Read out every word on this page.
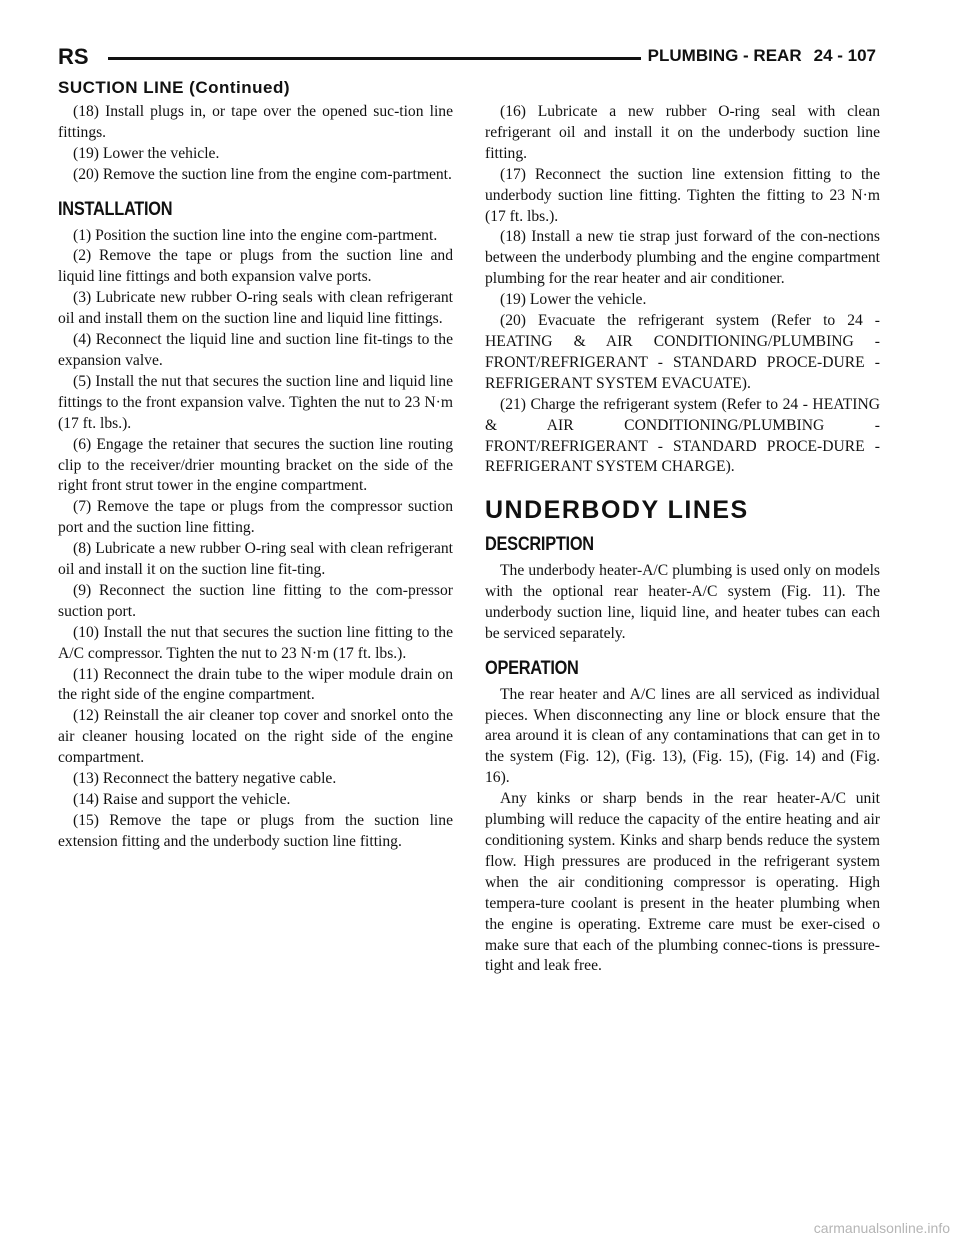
RS	PLUMBING - REAR 24 - 107
SUCTION LINE (Continued)

(18) Install plugs in, or tape over the opened suc-tion line fittings.

(19) Lower the vehicle.

(20) Remove the suction line from the engine com-partment.

INSTALLATION

(1) Position the suction line into the engine com-partment.

(2) Remove the tape or plugs from the suction line and liquid line fittings and both expansion valve ports.

(3) Lubricate new rubber O-ring seals with clean refrigerant oil and install them on the suction line and liquid line fittings.

(4) Reconnect the liquid line and suction line fit-tings to the expansion valve.

(5) Install the nut that secures the suction line and liquid line fittings to the front expansion valve. Tighten the nut to 23 N·m (17 ft. lbs.).

(6) Engage the retainer that secures the suction line routing clip to the receiver/drier mounting bracket on the side of the right front strut tower in the engine compartment.

(7) Remove the tape or plugs from the compressor suction port and the suction line fitting.

(8) Lubricate a new rubber O-ring seal with clean refrigerant oil and install it on the suction line fit-ting.

(9) Reconnect the suction line fitting to the com-pressor suction port.

(10) Install the nut that secures the suction line fitting to the A/C compressor. Tighten the nut to 23 N·m (17 ft. lbs.).

(11) Reconnect the drain tube to the wiper module drain on the right side of the engine compartment.

(12) Reinstall the air cleaner top cover and snorkel onto the air cleaner housing located on the right side of the engine compartment.

(13) Reconnect the battery negative cable.

(14) Raise and support the vehicle.

(15) Remove the tape or plugs from the suction line extension fitting and the underbody suction line fitting.

(16) Lubricate a new rubber O-ring seal with clean refrigerant oil and install it on the underbody suction line fitting.

(17) Reconnect the suction line extension fitting to the underbody suction line fitting. Tighten the fitting to 23 N·m (17 ft. lbs.).

(18) Install a new tie strap just forward of the con-nections between the underbody plumbing and the engine compartment plumbing for the rear heater and air conditioner.

(19) Lower the vehicle.

(20) Evacuate the refrigerant system (Refer to 24 - HEATING & AIR CONDITIONING/PLUMBING - FRONT/REFRIGERANT - STANDARD PROCE-DURE - REFRIGERANT SYSTEM EVACUATE).

(21) Charge the refrigerant system (Refer to 24 - HEATING & AIR CONDITIONING/PLUMBING - FRONT/REFRIGERANT - STANDARD PROCE-DURE - REFRIGERANT SYSTEM CHARGE).

UNDERBODY LINES
DESCRIPTION

The underbody heater-A/C plumbing is used only on models with the optional rear heater-A/C system (Fig. 11). The underbody suction line, liquid line, and heater tubes can each be serviced separately.

OPERATION

The rear heater and A/C lines are all serviced as individual pieces. When disconnecting any line or block ensure that the area around it is clean of any contaminations that can get in to the system (Fig. 12), (Fig. 13), (Fig. 15), (Fig. 14) and (Fig. 16).

Any kinks or sharp bends in the rear heater-A/C unit plumbing will reduce the capacity of the entire heating and air conditioning system. Kinks and sharp bends reduce the system flow. High pressures are produced in the refrigerant system when the air conditioning compressor is operating. High tempera-ture coolant is present in the heater plumbing when the engine is operating. Extreme care must be exer-cised o make sure that each of the plumbing connec-tions is pressure-tight and leak free.

carmanualsonline.info
